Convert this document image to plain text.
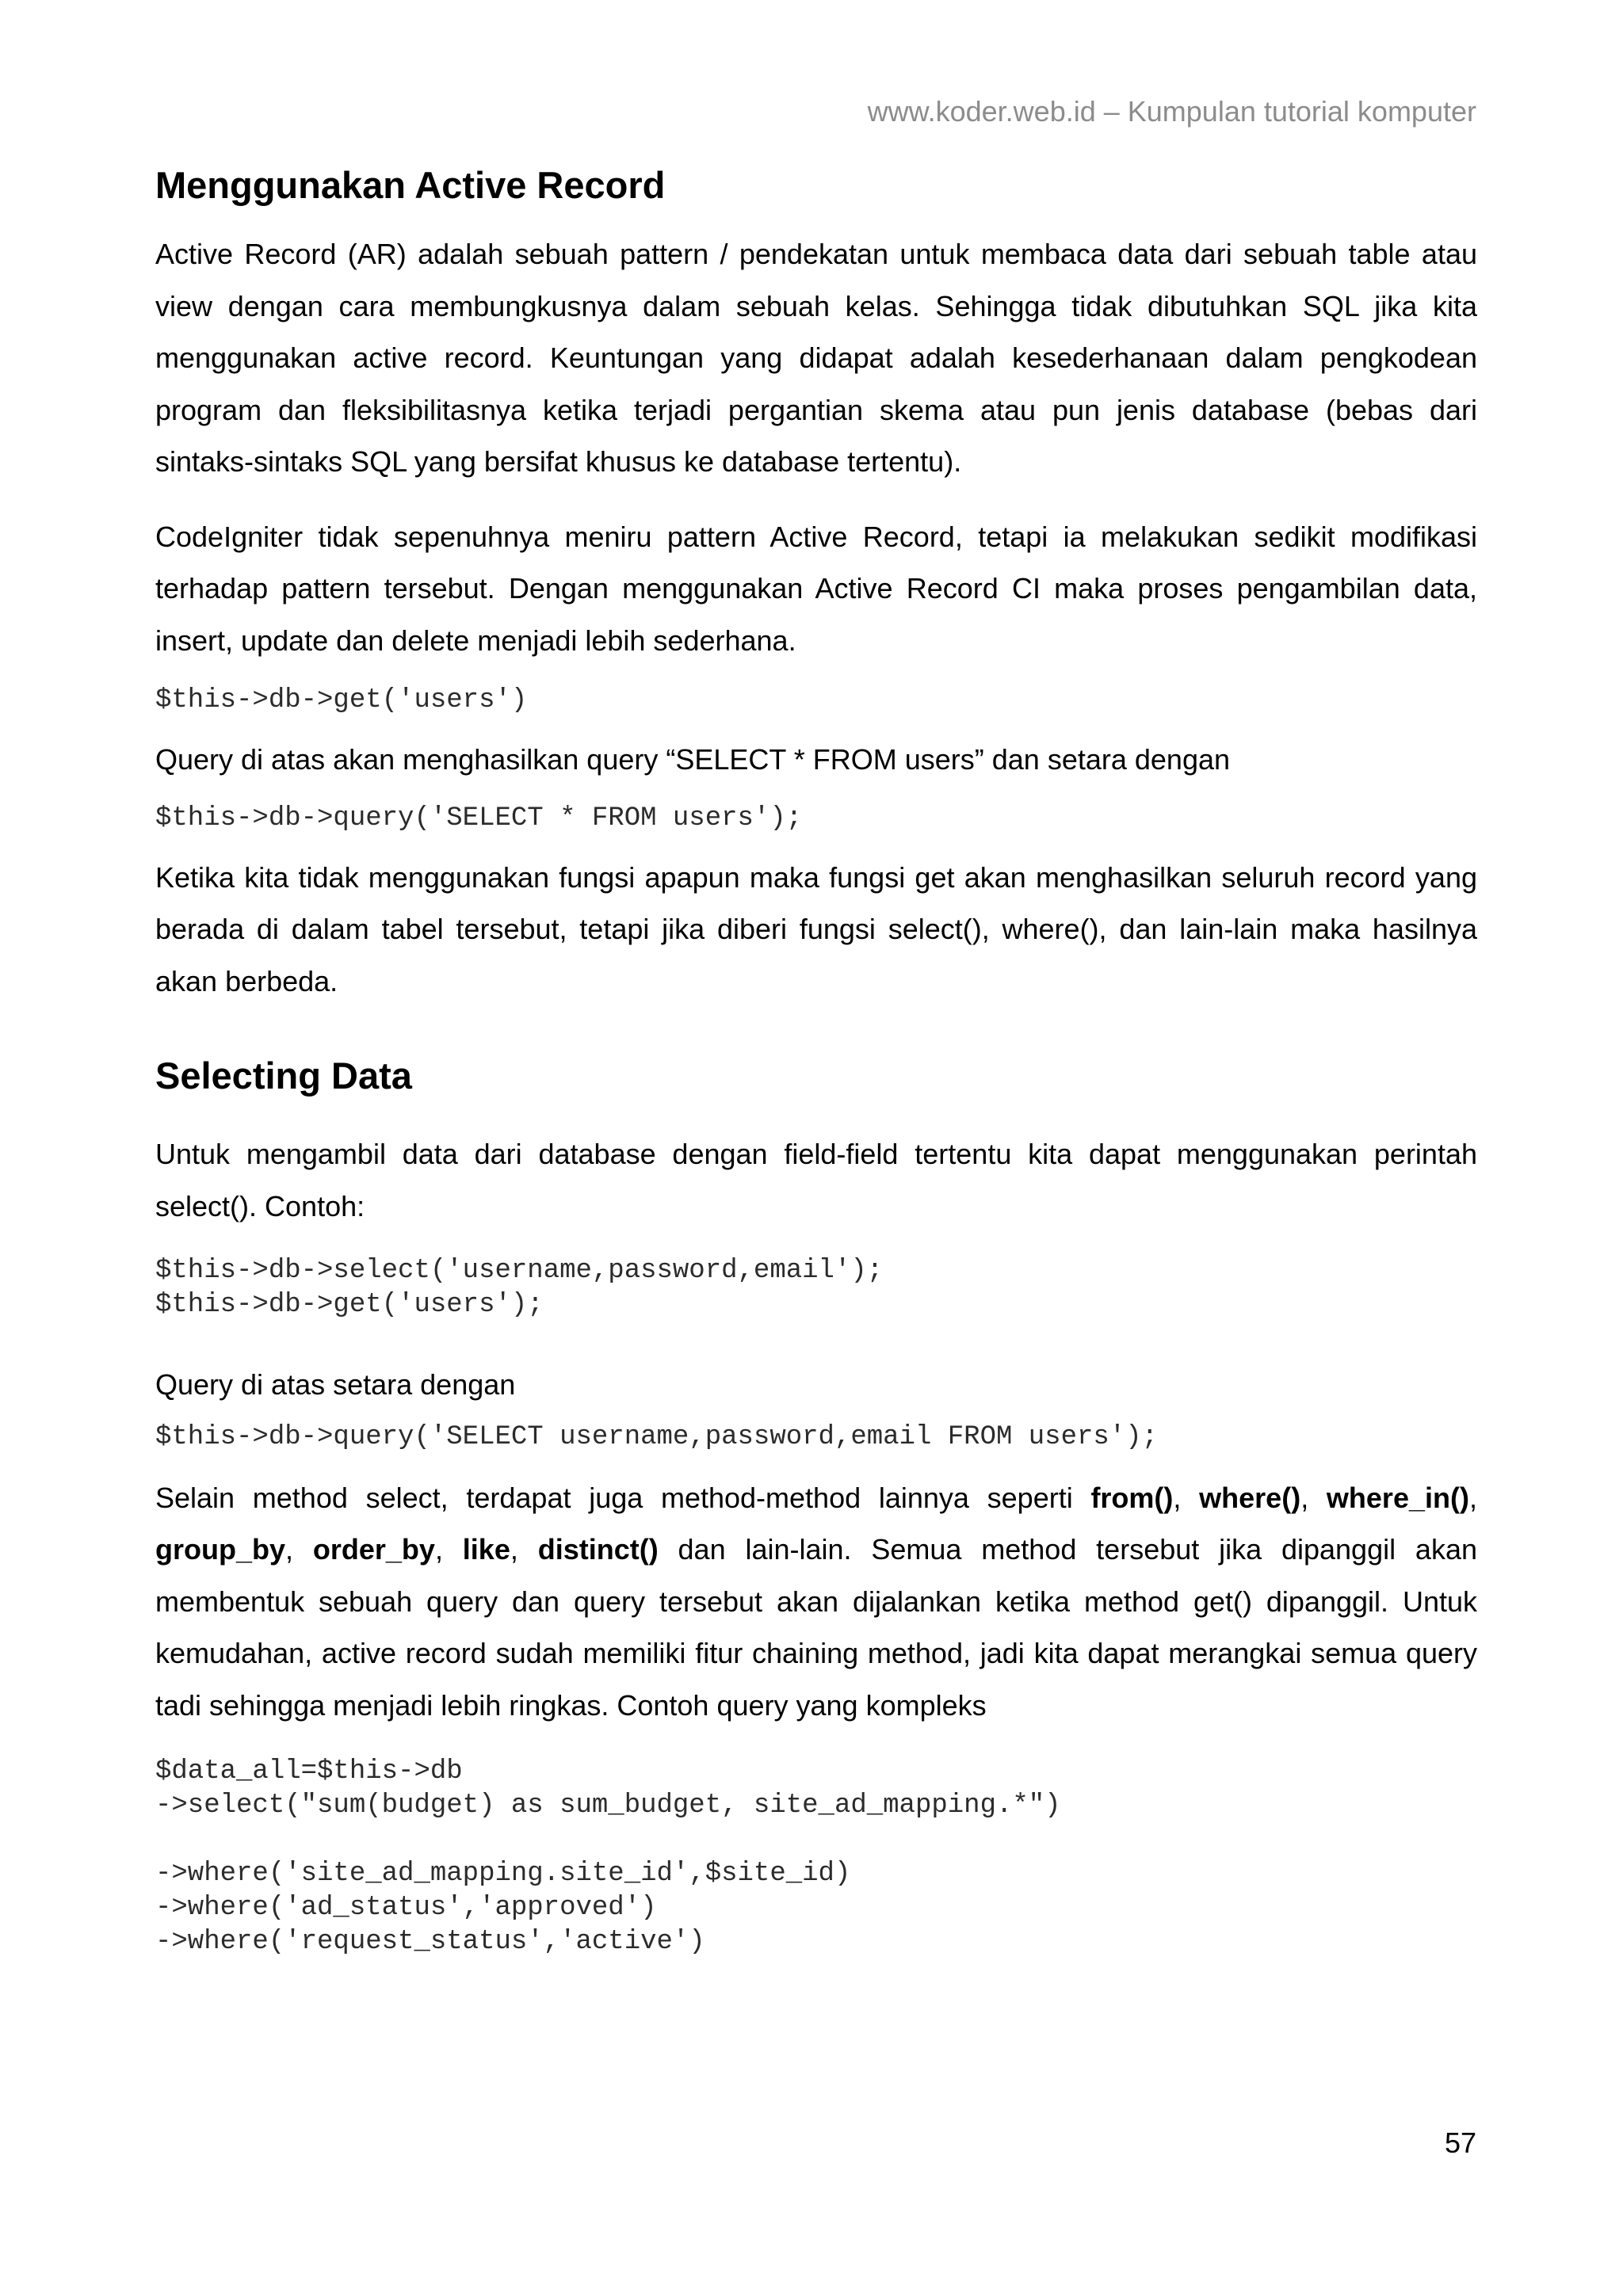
www.koder.web.id – Kumpulan tutorial komputer
Menggunakan Active Record

Active Record (AR) adalah sebuah pattern / pendekatan untuk membaca data dari sebuah table atau view dengan cara membungkusnya dalam sebuah kelas. Sehingga tidak dibutuhkan SQL jika kita menggunakan active record. Keuntungan yang didapat adalah kesederhanaan dalam pengkodean program dan fleksibilitasnya ketika terjadi pergantian skema atau pun jenis database (bebas dari sintaks-sintaks SQL yang bersifat khusus ke database tertentu).

CodeIgniter tidak sepenuhnya meniru pattern Active Record, tetapi ia melakukan sedikit modifikasi terhadap pattern tersebut. Dengan menggunakan Active Record CI maka proses pengambilan data, insert, update dan delete menjadi lebih sederhana.

$this->db->get('users')

Query di atas akan menghasilkan query “SELECT * FROM users” dan setara dengan

$this->db->query('SELECT * FROM users');

Ketika kita tidak menggunakan fungsi apapun maka fungsi get akan menghasilkan seluruh record yang berada di dalam tabel tersebut, tetapi jika diberi fungsi select(), where(), dan lain-lain maka hasilnya akan berbeda.

Selecting Data

Untuk mengambil data dari database dengan field-field tertentu kita dapat menggunakan perintah select(). Contoh:

$this->db->select('username,password,email');
$this->db->get('users');

Query di atas setara dengan

$this->db->query('SELECT username,password,email FROM users');

Selain method select, terdapat juga method-method lainnya seperti from(), where(), where_in(), group_by, order_by, like, distinct() dan lain-lain. Semua method tersebut jika dipanggil akan membentuk sebuah query dan query tersebut akan dijalankan ketika method get() dipanggil. Untuk kemudahan, active record sudah memiliki fitur chaining method, jadi kita dapat merangkai semua query tadi sehingga menjadi lebih ringkas. Contoh query yang kompleks

$data_all=$this->db
->select("sum(budget) as sum_budget, site_ad_mapping.*")
->where('site_ad_mapping.site_id',$site_id)
->where('ad_status','approved')
->where('request_status','active')
57
